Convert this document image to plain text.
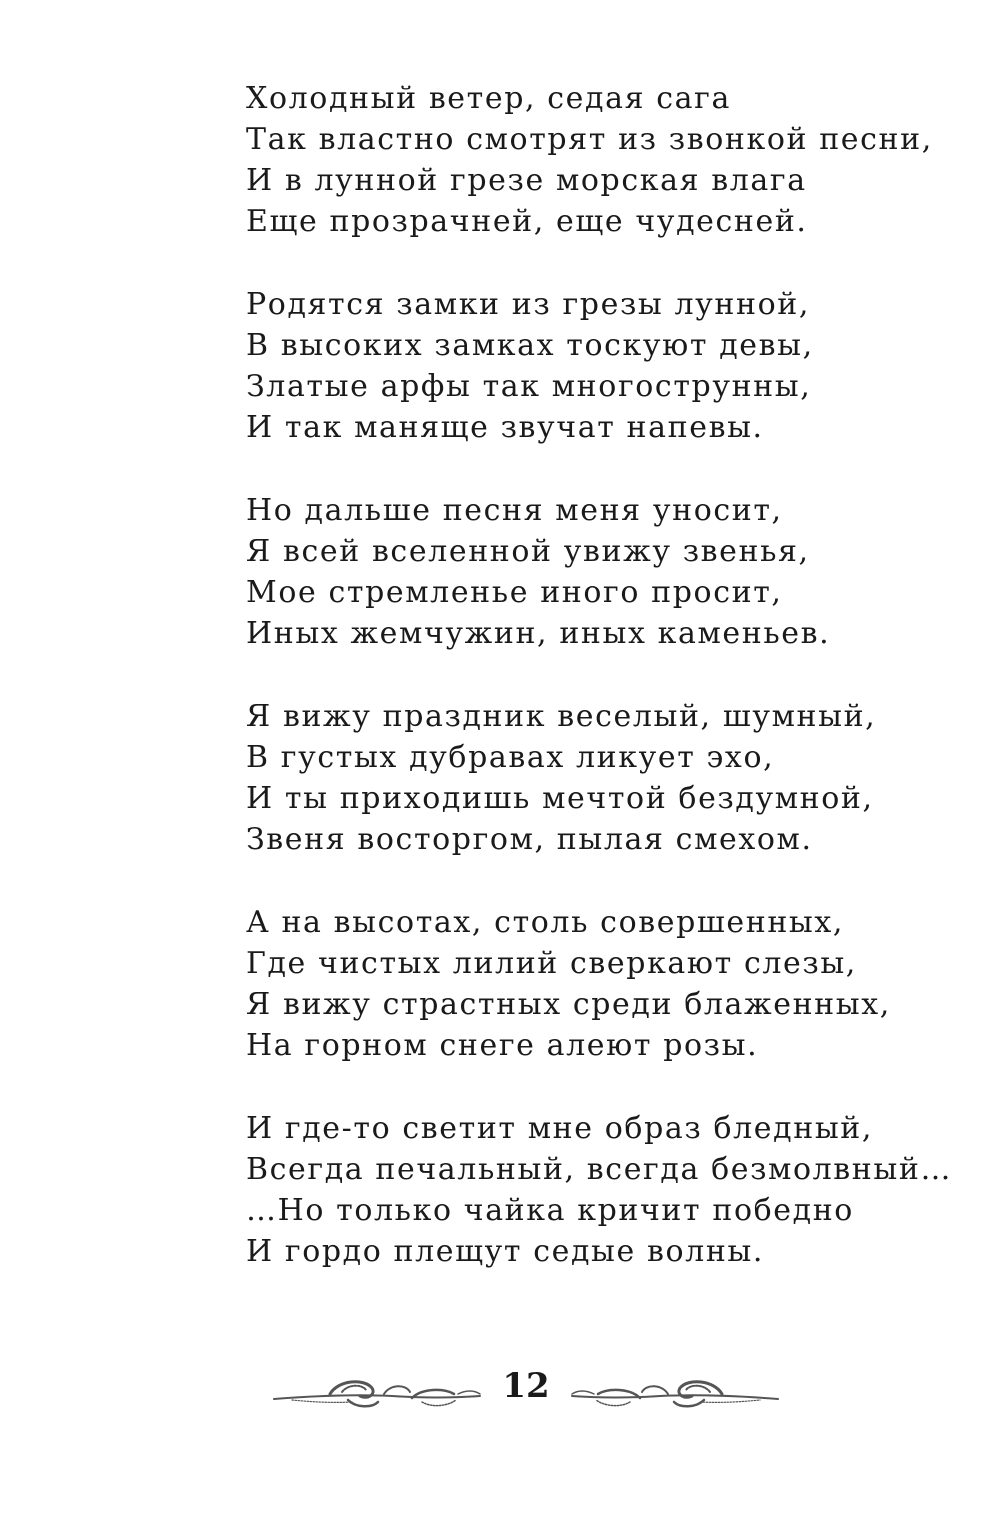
Холодный ветер, седая сага
Так властно смотрят из звонкой песни,
И в лунной грезе морская влага
Еще прозрачней, еще чудесней.
Родятся замки из грезы лунной,
В высоких замках тоскуют девы,
Златые арфы так многострунны,
И так маняще звучат напевы.
Но дальше песня меня уносит,
Я всей вселенной увижу звенья,
Мое стремленье иного просит,
Иных жемчужин, иных каменьев.
Я вижу праздник веселый, шумный,
В густых дубравах ликует эхо,
И ты приходишь мечтой бездумной,
Звеня восторгом, пылая смехом.
А на высотах, столь совершенных,
Где чистых лилий сверкают слезы,
Я вижу страстных среди блаженных,
На горном снеге алеют розы.
И где-то светит мне образ бледный,
Всегда печальный, всегда безмолвный…
…Но только чайка кричит победно
И гордо плещут седые волны.
12
